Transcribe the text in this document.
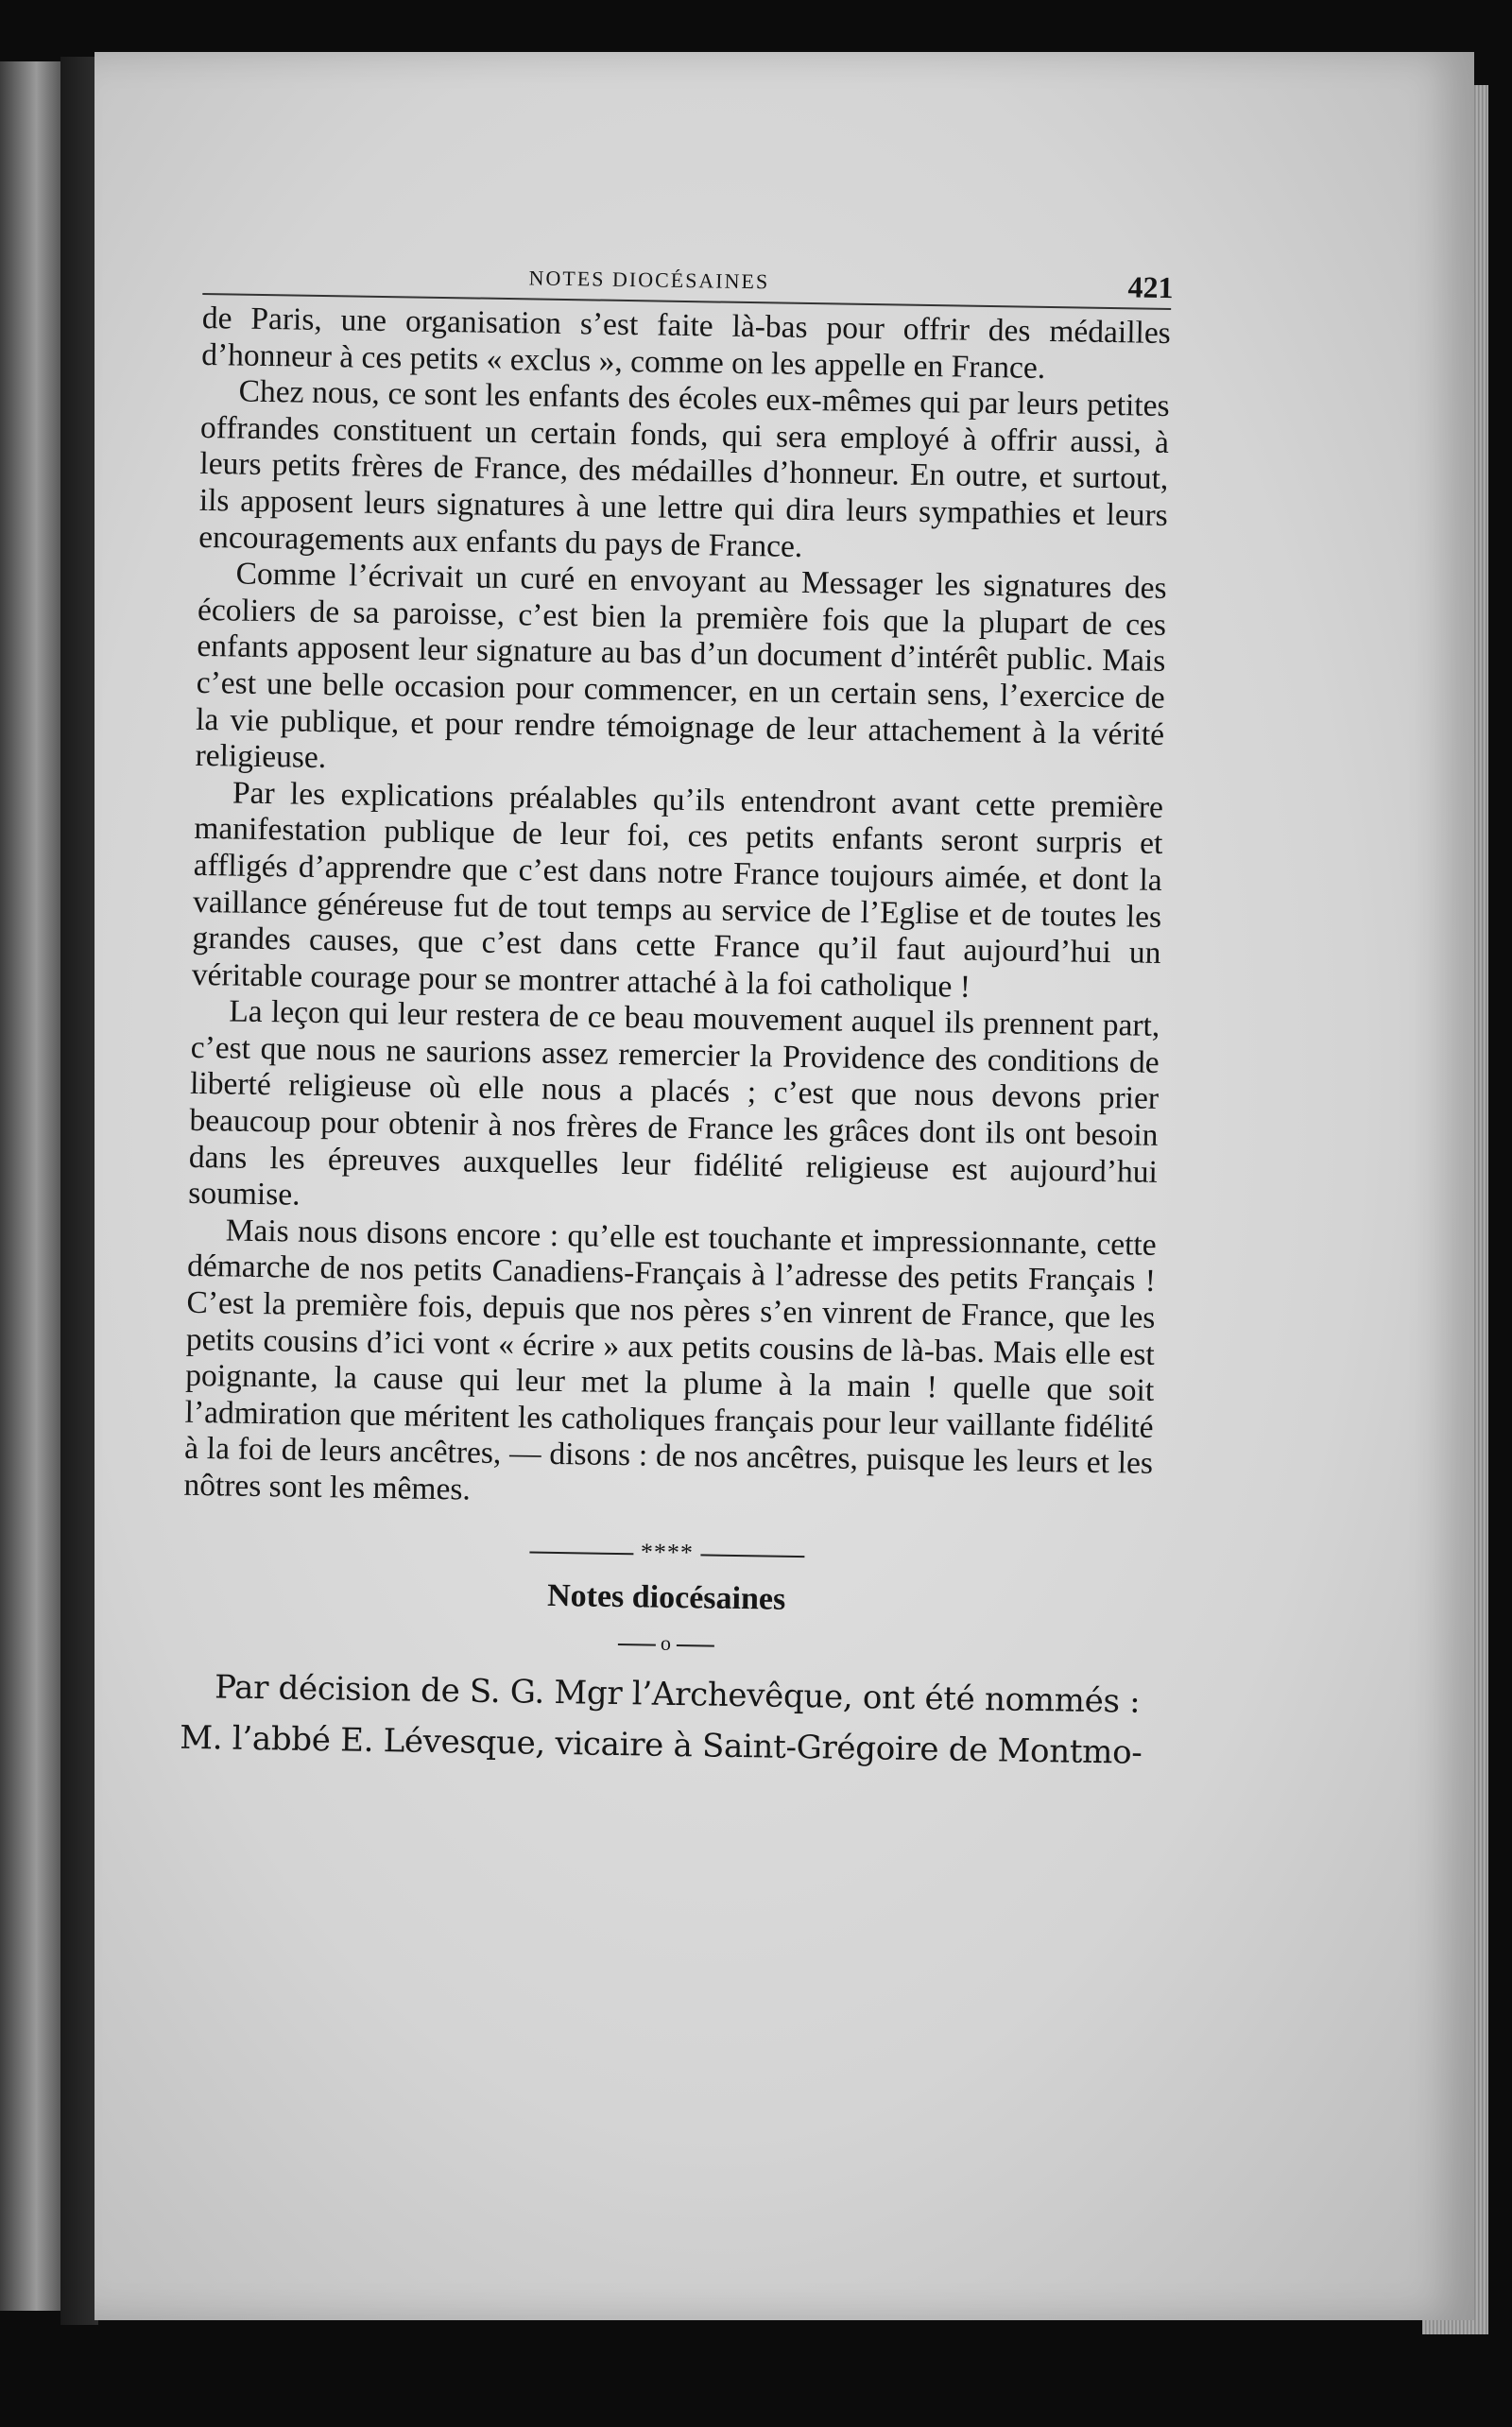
NOTES DIOCÉSAINES	421

de Paris, une organisation s’est faite là-bas pour offrir des médailles d’honneur à ces petits « exclus », comme on les appelle en France.

Chez nous, ce sont les enfants des écoles eux-mêmes qui par leurs petites offrandes constituent un certain fonds, qui sera employé à offrir aussi, à leurs petits frères de France, des médailles d’honneur. En outre, et surtout, ils apposent leurs signatures à une lettre qui dira leurs sympathies et leurs encouragements aux enfants du pays de France.

Comme l’écrivait un curé en envoyant au Messager les signatures des écoliers de sa paroisse, c’est bien la première fois que la plupart de ces enfants apposent leur signature au bas d’un document d’intérêt public. Mais c’est une belle occasion pour commencer, en un certain sens, l’exercice de la vie publique, et pour rendre témoignage de leur attachement à la vérité religieuse.

Par les explications préalables qu’ils entendront avant cette première manifestation publique de leur foi, ces petits enfants seront surpris et affligés d’apprendre que c’est dans notre France toujours aimée, et dont la vaillance généreuse fut de tout temps au service de l’Eglise et de toutes les grandes causes, que c’est dans cette France qu’il faut aujourd’hui un véritable courage pour se montrer attaché à la foi catholique !

La leçon qui leur restera de ce beau mouvement auquel ils prennent part, c’est que nous ne saurions assez remercier la Providence des conditions de liberté religieuse où elle nous a placés ; c’est que nous devons prier beaucoup pour obtenir à nos frères de France les grâces dont ils ont besoin dans les épreuves auxquelles leur fidélité religieuse est aujourd’hui soumise.

Mais nous disons encore : qu’elle est touchante et impressionnante, cette démarche de nos petits Canadiens-Français à l’adresse des petits Français ! C’est la première fois, depuis que nos pères s’en vinrent de France, que les petits cousins d’ici vont « écrire » aux petits cousins de là-bas. Mais elle est poignante, la cause qui leur met la plume à la main ! quelle que soit l’admiration que méritent les catholiques français pour leur vaillante fidélité à la foi de leurs ancêtres, — disons : de nos ancêtres, puisque les leurs et les nôtres sont les mêmes.

****
Notes diocésaines
o

Par décision de S. G. Mgr l’Archevêque, ont été nommés :

M. l’abbé E. Lévesque, vicaire à Saint-Grégoire de Montmo-
